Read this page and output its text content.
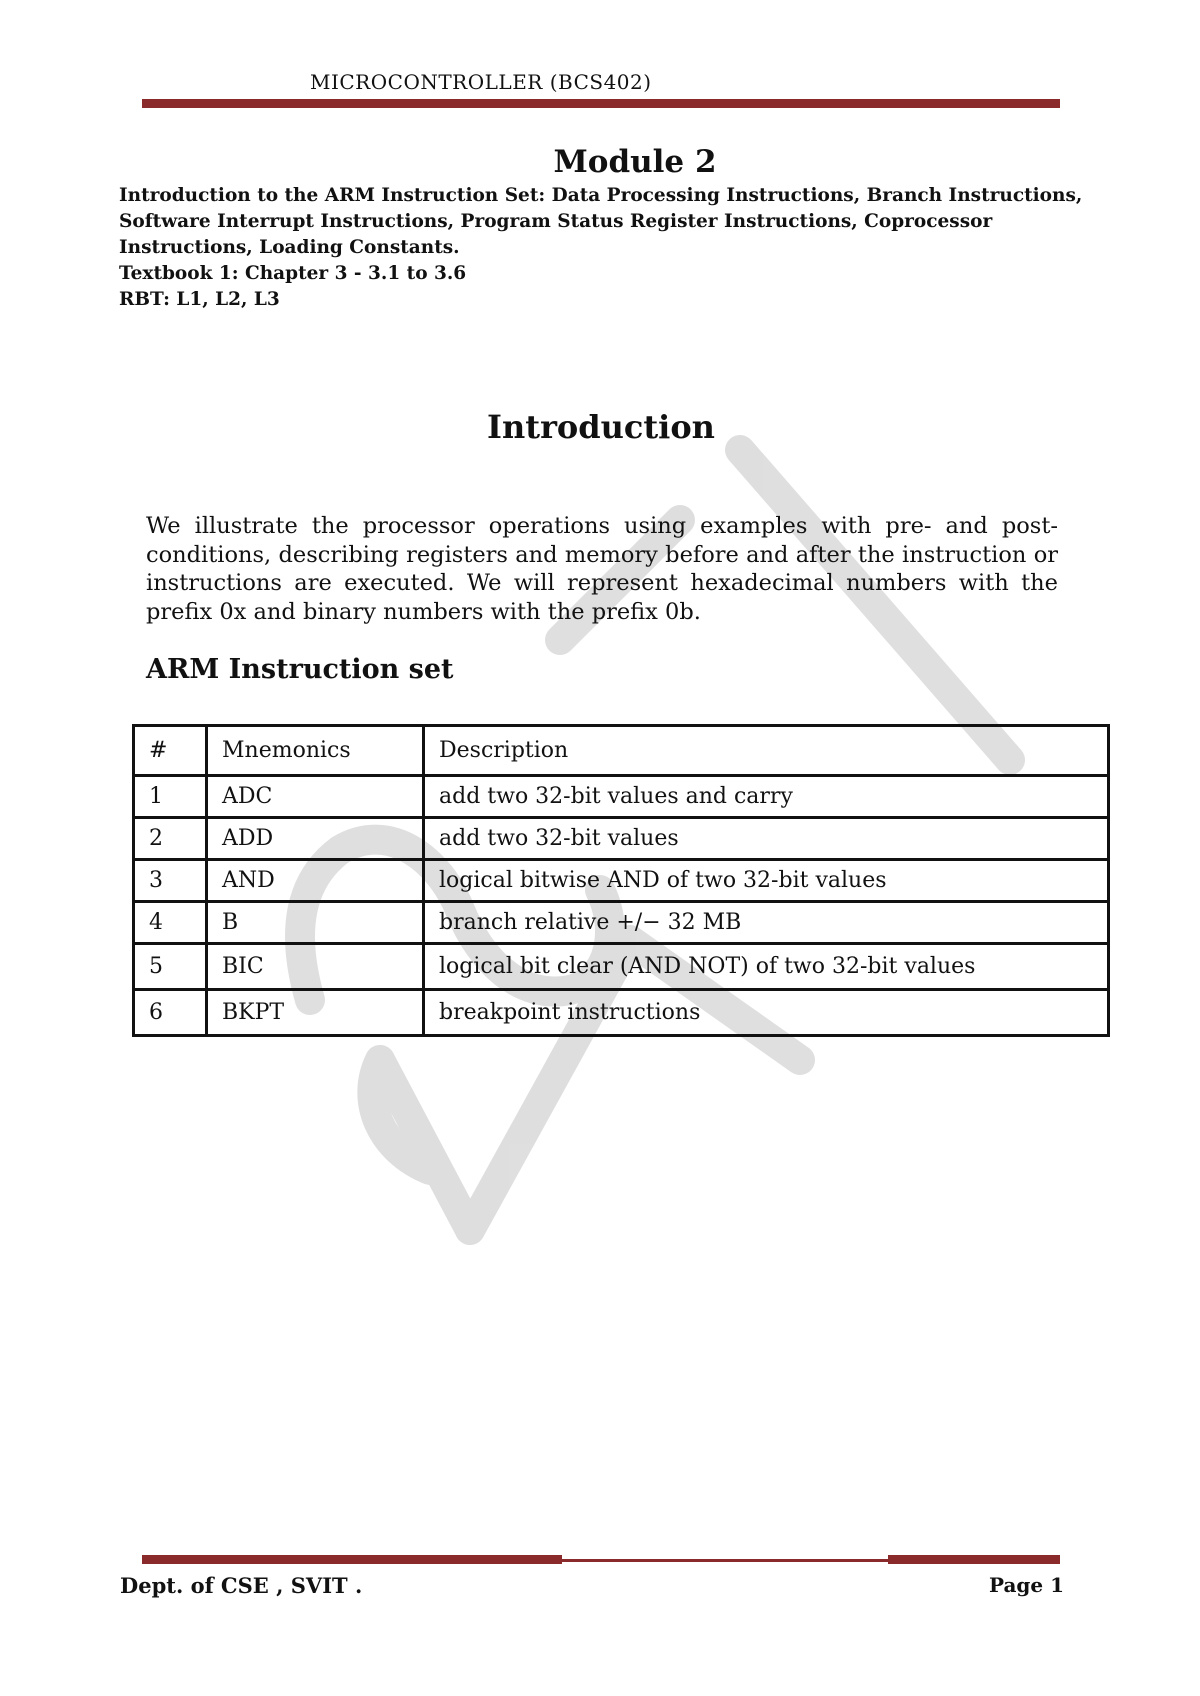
MICROCONTROLLER (BCS402)
Module 2

Introduction to the ARM Instruction Set: Data Processing Instructions, Branch Instructions, Software Interrupt Instructions, Program Status Register Instructions, Coprocessor Instructions, Loading Constants.

Textbook 1: Chapter 3 - 3.1 to 3.6

RBT: L1, L2, L3

Introduction

We illustrate the processor operations using examples with pre- and post-conditions, describing registers and memory before and after the instruction or instructions are executed. We will represent hexadecimal numbers with the prefix 0x and binary numbers with the prefix 0b.

ARM Instruction set
#	Mnemonics	Description
1	ADC	add two 32-bit values and carry
2	ADD	add two 32-bit values
3	AND	logical bitwise AND of two 32-bit values
4	B	branch relative +/− 32 MB
5	BIC	logical bit clear (AND NOT) of two 32-bit values
6	BKPT	breakpoint instructions
Dept. of CSE , SVIT .	Page 1
